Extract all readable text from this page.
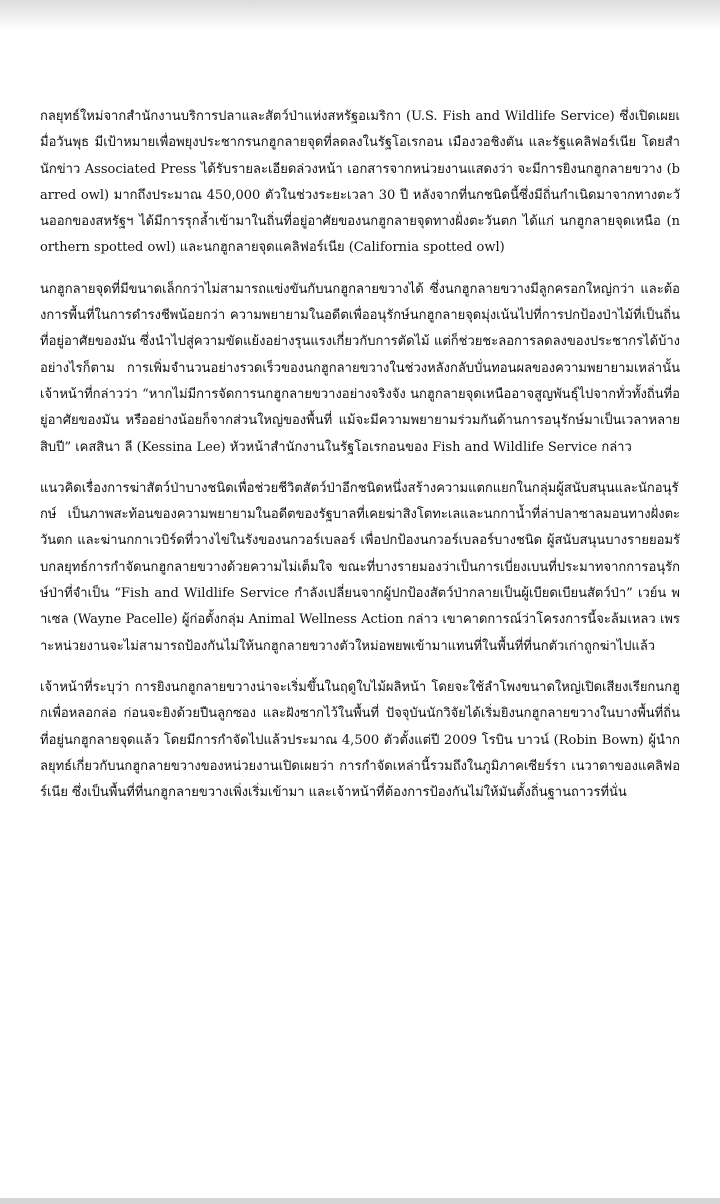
กลยุทธ์ใหม่จากสำนักงานบริการปลาและสัตว์ป่าแห่งสหรัฐอเมริกา (U.S. Fish and Wildlife Service) ซึ่งเปิดเผยเมื่อวันพุธ มีเป้าหมายเพื่อพยุงประชากรนกฮูกลายจุดที่ลดลงในรัฐโอเรกอน เมืองวอชิงตัน และรัฐแคลิฟอร์เนีย โดยสำนักข่าว Associated Press ได้รับรายละเอียดล่วงหน้า เอกสารจากหน่วยงานแสดงว่า จะมีการยิงนกฮูกลายขวาง (barred owl) มากถึงประมาณ 450,000 ตัวในช่วงระยะเวลา 30 ปี หลังจากที่นกชนิดนี้ซึ่งมีถิ่นกำเนิดมาจากทางตะวันออกของสหรัฐฯ ได้มีการรุกล้ำเข้ามาในถิ่นที่อยู่อาศัยของนกฮูกลายจุดทางฝั่งตะวันตก ได้แก่ นกฮูกลายจุดเหนือ (northern spotted owl) และนกฮูกลายจุดแคลิฟอร์เนีย (California spotted owl)

นกฮูกลายจุดที่มีขนาดเล็กกว่าไม่สามารถแข่งขันกับนกฮูกลายขวางได้ ซึ่งนกฮูกลายขวางมีลูกครอกใหญ่กว่า และต้องการพื้นที่ในการดำรงชีพน้อยกว่า ความพยายามในอดีตเพื่ออนุรักษ์นกฮูกลายจุดมุ่งเน้นไปที่การปกป้องป่าไม้ที่เป็นถิ่นที่อยู่อาศัยของมัน ซึ่งนำไปสู่ความขัดแย้งอย่างรุนแรงเกี่ยวกับการตัดไม้ แต่ก็ช่วยชะลอการลดลงของประชากรได้บ้าง อย่างไรก็ตาม การเพิ่มจำนวนอย่างรวดเร็วของนกฮูกลายขวางในช่วงหลังกลับบั่นทอนผลของความพยายามเหล่านั้น เจ้าหน้าที่กล่าวว่า “หากไม่มีการจัดการนกฮูกลายขวางอย่างจริงจัง นกฮูกลายจุดเหนืออาจสูญพันธุ์ไปจากทั่วทั้งถิ่นที่อยู่อาศัยของมัน หรืออย่างน้อยก็จากส่วนใหญ่ของพื้นที่ แม้จะมีความพยายามร่วมกันด้านการอนุรักษ์มาเป็นเวลาหลายสิบปี” เคสสินา ลี (Kessina Lee) หัวหน้าสำนักงานในรัฐโอเรกอนของ Fish and Wildlife Service กล่าว

แนวคิดเรื่องการฆ่าสัตว์ป่าบางชนิดเพื่อช่วยชีวิตสัตว์ป่าอีกชนิดหนึ่งสร้างความแตกแยกในกลุ่มผู้สนับสนุนและนักอนุรักษ์ เป็นภาพสะท้อนของความพยายามในอดีตของรัฐบาลที่เคยฆ่าสิงโตทะเลและนกกาน้ำที่ล่าปลาซาลมอนทางฝั่งตะวันตก และฆ่านกกาเวบิร์ดที่วางไข่ในรังของนกวอร์เบลอร์ เพื่อปกป้องนกวอร์เบลอร์บางชนิด ผู้สนับสนุนบางรายยอมรับกลยุทธ์การกำจัดนกฮูกลายขวางด้วยความไม่เต็มใจ ขณะที่บางรายมองว่าเป็นการเบี่ยงเบนที่ประมาทจากการอนุรักษ์ป่าที่จำเป็น “Fish and Wildlife Service กำลังเปลี่ยนจากผู้ปกป้องสัตว์ป่ากลายเป็นผู้เบียดเบียนสัตว์ป่า” เวย์น พาเซล (Wayne Pacelle) ผู้ก่อตั้งกลุ่ม Animal Wellness Action กล่าว เขาคาดการณ์ว่าโครงการนี้จะล้มเหลว เพราะหน่วยงานจะไม่สามารถป้องกันไม่ให้นกฮูกลายขวางตัวใหม่อพยพเข้ามาแทนที่ในพื้นที่ที่นกตัวเก่าถูกฆ่าไปแล้ว

เจ้าหน้าที่ระบุว่า การยิงนกฮูกลายขวางน่าจะเริ่มขึ้นในฤดูใบไม้ผลิหน้า โดยจะใช้ลำโพงขนาดใหญ่เปิดเสียงเรียกนกฮูกเพื่อหลอกล่อ ก่อนจะยิงด้วยปืนลูกซอง และฝังซากไว้ในพื้นที่ ปัจจุบันนักวิจัยได้เริ่มยิงนกฮูกลายขวางในบางพื้นที่ถิ่นที่อยู่นกฮูกลายจุดแล้ว โดยมีการกำจัดไปแล้วประมาณ 4,500 ตัวตั้งแต่ปี 2009 โรบิน บาวน์ (Robin Bown) ผู้นำกลยุทธ์เกี่ยวกับนกฮูกลายขวางของหน่วยงานเปิดเผยว่า การกำจัดเหล่านี้รวมถึงในภูมิภาคเซียร์รา เนวาดาของแคลิฟอร์เนีย ซึ่งเป็นพื้นที่ที่นกฮูกลายขวางเพิ่งเริ่มเข้ามา และเจ้าหน้าที่ต้องการป้องกันไม่ให้มันตั้งถิ่นฐานถาวรที่นั่น
